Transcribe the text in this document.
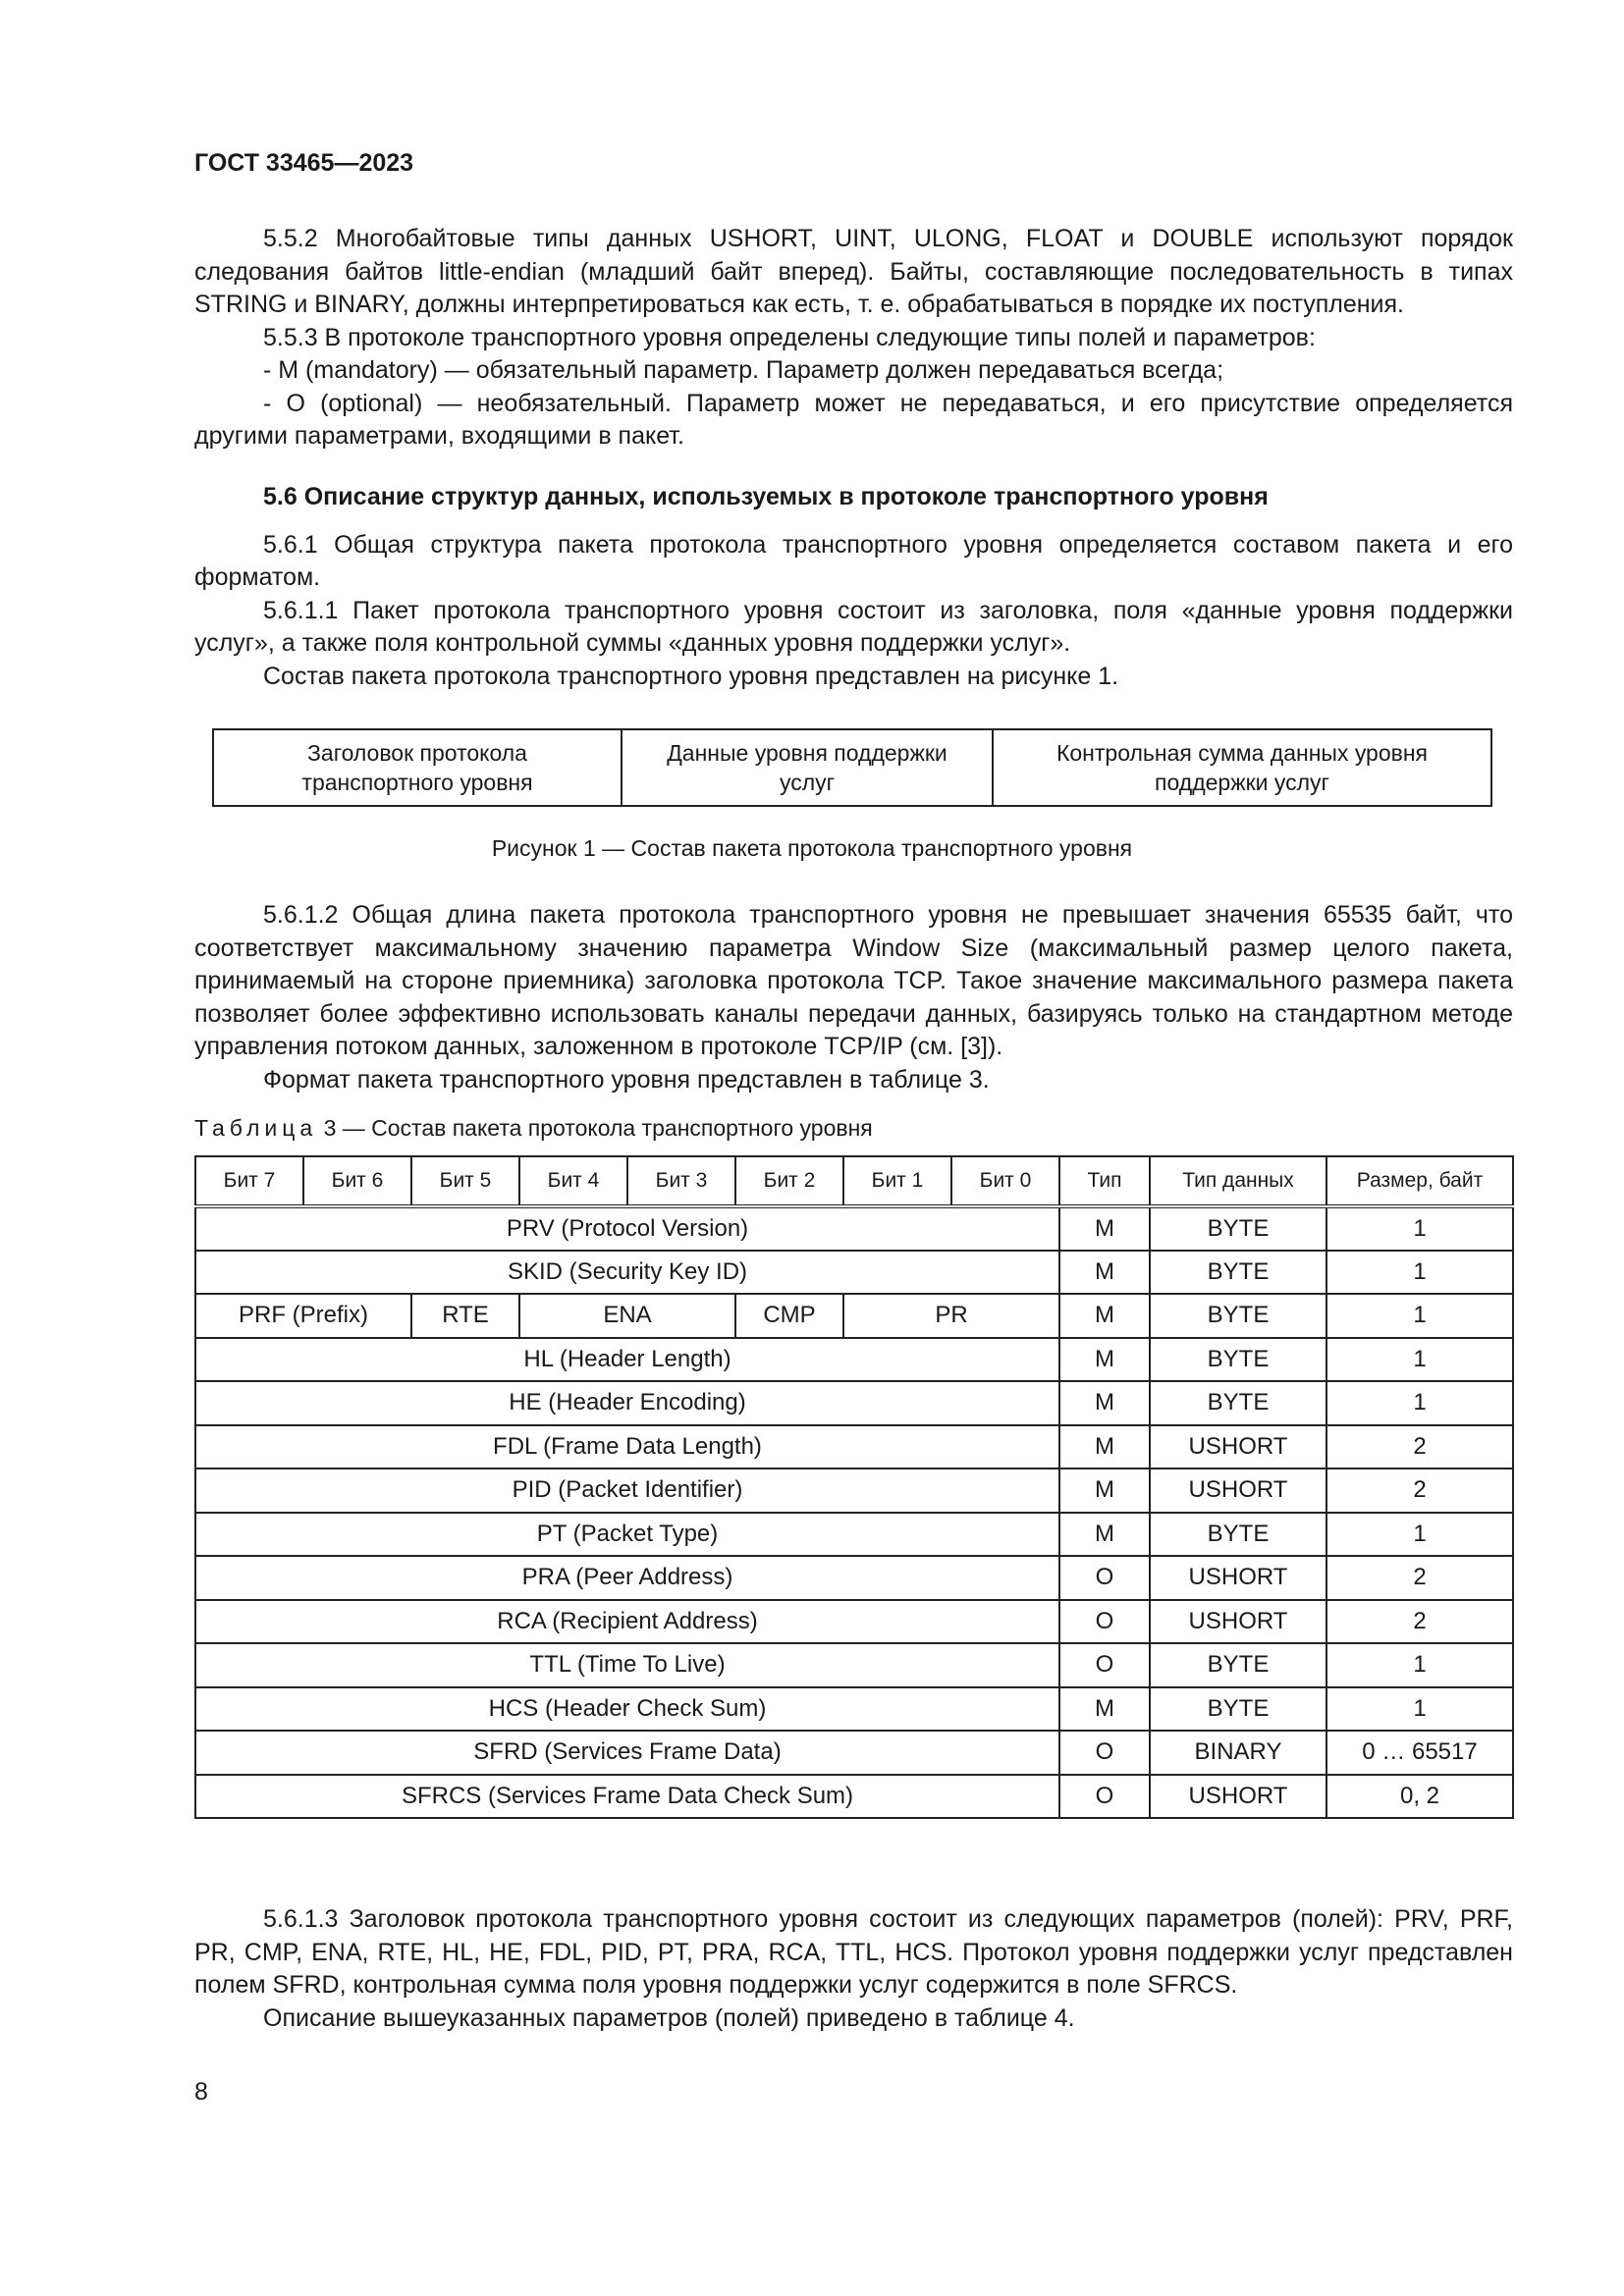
ГОСТ 33465—2023

5.5.2 Многобайтовые типы данных USHORT, UINT, ULONG, FLOAT и DOUBLE используют порядок следования байтов little-endian (младший байт вперед). Байты, составляющие последовательность в типах STRING и BINARY, должны интерпретироваться как есть, т. е. обрабатываться в порядке их поступления.

5.5.3 В протоколе транспортного уровня определены следующие типы полей и параметров:

- M (mandatory) — обязательный параметр. Параметр должен передаваться всегда;

- O (optional) — необязательный. Параметр может не передаваться, и его присутствие определяется другими параметрами, входящими в пакет.

5.6 Описание структур данных, используемых в протоколе транспортного уровня

5.6.1 Общая структура пакета протокола транспортного уровня определяется составом пакета и его форматом.

5.6.1.1 Пакет протокола транспортного уровня состоит из заголовка, поля «данные уровня поддержки услуг», а также поля контрольной суммы «данных уровня поддержки услуг».

Состав пакета протокола транспортного уровня представлен на рисунке 1.

Заголовок протокола транспортного уровня
Данные уровня поддержки услуг
Контрольная сумма данных уровня поддержки услуг
Рисунок 1 — Состав пакета протокола транспортного уровня

5.6.1.2 Общая длина пакета протокола транспортного уровня не превышает значения 65535 байт, что соответствует максимальному значению параметра Window Size (максимальный размер целого пакета, принимаемый на стороне приемника) заголовка протокола TCP. Такое значение максимального размера пакета позволяет более эффективно использовать каналы передачи данных, базируясь только на стандартном методе управления потоком данных, заложенном в протоколе TCP/IP (см. [3]).

Формат пакета транспортного уровня представлен в таблице 3.

Таблица 3 — Состав пакета протокола транспортного уровня
Бит 7	Бит 6	Бит 5	Бит 4	Бит 3	Бит 2	Бит 1	Бит 0	Тип	Тип данных	Размер, байт
PRV (Protocol Version)								M	BYTE	1
SKID (Security Key ID)								M	BYTE	1
PRF (Prefix)		RTE	ENA		CMP	PR		M	BYTE	1
HL (Header Length)								M	BYTE	1
HE (Header Encoding)								M	BYTE	1
FDL (Frame Data Length)								M	USHORT	2
PID (Packet Identifier)								M	USHORT	2
PT (Packet Type)								M	BYTE	1
PRA (Peer Address)								O	USHORT	2
RCA (Recipient Address)								O	USHORT	2
TTL (Time To Live)								O	BYTE	1
HCS (Header Check Sum)								M	BYTE	1
SFRD (Services Frame Data)								O	BINARY	0 … 65517
SFRCS (Services Frame Data Check Sum)								O	USHORT	0, 2

5.6.1.3 Заголовок протокола транспортного уровня состоит из следующих параметров (полей): PRV, PRF, PR, CMP, ENA, RTE, HL, HE, FDL, PID, PT, PRA, RCA, TTL, HCS. Протокол уровня поддержки услуг представлен полем SFRD, контрольная сумма поля уровня поддержки услуг содержится в поле SFRCS.

Описание вышеуказанных параметров (полей) приведено в таблице 4.

8
